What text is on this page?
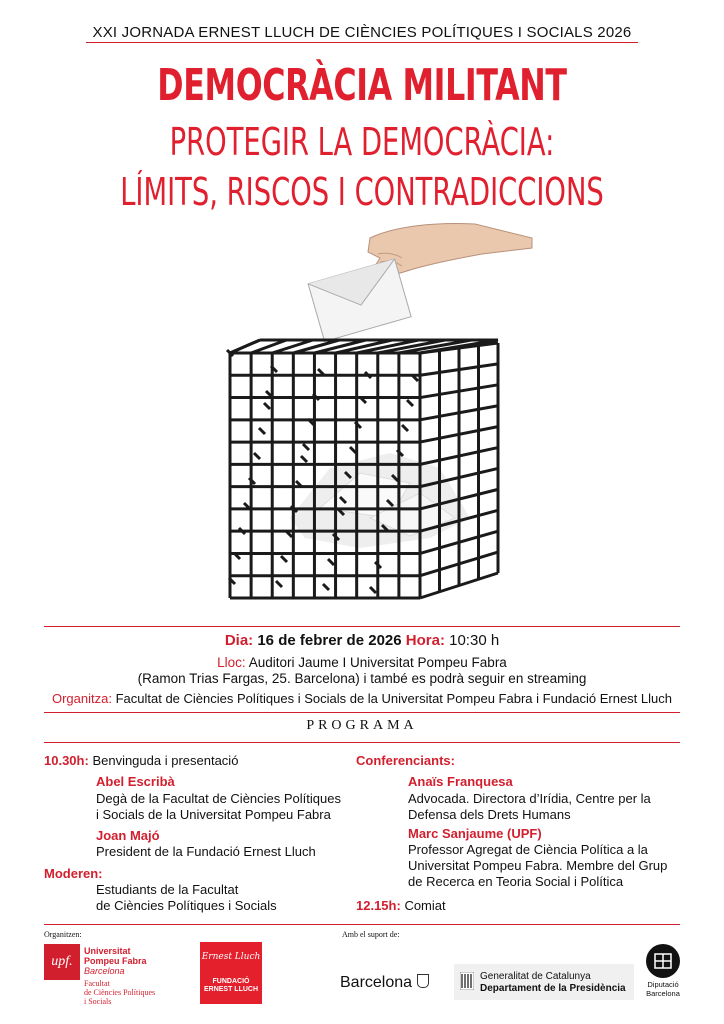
XXI JORNADA ERNEST LLUCH DE CIÈNCIES POLÍTIQUES I SOCIALS 2026
DEMOCRÀCIA MILITANT
PROTEGIR LA DEMOCRÀCIA:
LÍMITS, RISCOS I CONTRADICCIONS
Dia: 16 de febrer de 2026 Hora: 10:30 h
Lloc: Auditori Jaume I Universitat Pompeu Fabra
(Ramon Trias Fargas, 25. Barcelona) i també es podrà seguir en streaming
Organitza: Facultat de Ciències Polítiques i Socials de la Universitat Pompeu Fabra i Fundació Ernest Lluch
PROGRAMA
10.30h: Benvinguda i presentació
Abel Escribà
Degà de la Facultat de Ciències Polítiques
i Socials de la Universitat Pompeu Fabra
Joan Majó
President de la Fundació Ernest Lluch
Moderen:
Estudiants de la Facultat
de Ciències Polítiques i Socials
Conferenciants:
Anaïs Franquesa
Advocada. Directora d’Irídia, Centre per la
Defensa dels Drets Humans
Marc Sanjaume (UPF)
Professor Agregat de Ciència Política a la
Universitat Pompeu Fabra. Membre del Grup
de Recerca en Teoria Social i Política
12.15h: Comiat
Organitzen:
upf.
Universitat
Pompeu Fabra
Barcelona
Facultat
de Ciències Polítiques
i Socials
Ernest Lluch
FUNDACIÓ
ERNEST LLUCH
Amb el suport de:
Barcelona	Generalitat de Catalunya
Departament de la Presidència	Diputació
Barcelona
